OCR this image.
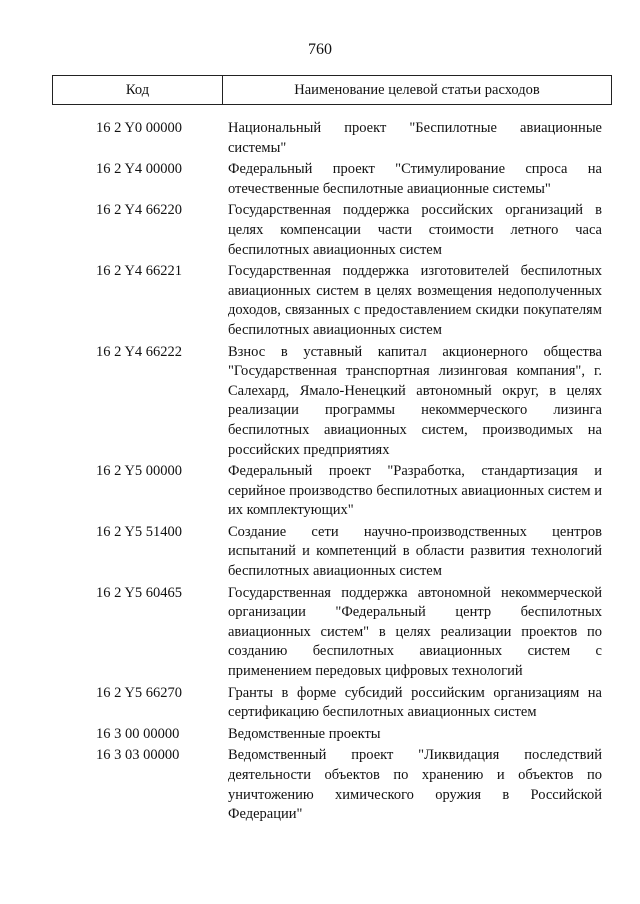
760
Код	Наименование целевой статьи расходов
16 2 Y0 00000	Национальный проект "Беспилотные авиационные системы"
16 2 Y4 00000	Федеральный проект "Стимулирование спроса на отечественные беспилотные авиационные системы"
16 2 Y4 66220	Государственная поддержка российских организаций в целях компенсации части стоимости летного часа беспилотных авиационных систем
16 2 Y4 66221	Государственная поддержка изготовителей беспилотных авиационных систем в целях возмещения недополученных доходов, связанных с предоставлением скидки покупателям беспилотных авиационных систем
16 2 Y4 66222	Взнос в уставный капитал акционерного общества "Государственная транспортная лизинговая компания", г. Салехард, Ямало-Ненецкий автономный округ, в целях реализации программы некоммерческого лизинга беспилотных авиационных систем, производимых на российских предприятиях
16 2 Y5 00000	Федеральный проект "Разработка, стандартизация и серийное производство беспилотных авиационных систем и их комплектующих"
16 2 Y5 51400	Создание сети научно-производственных центров испытаний и компетенций в области развития технологий беспилотных авиационных систем
16 2 Y5 60465	Государственная поддержка автономной некоммерческой организации "Федеральный центр беспилотных авиационных систем" в целях реализации проектов по созданию беспилотных авиационных систем с применением передовых цифровых технологий
16 2 Y5 66270	Гранты в форме субсидий российским организациям на сертификацию беспилотных авиационных систем
16 3 00 00000	Ведомственные проекты
16 3 03 00000	Ведомственный проект "Ликвидация последствий деятельности объектов по хранению и объектов по уничтожению химического оружия в Российской Федерации"
